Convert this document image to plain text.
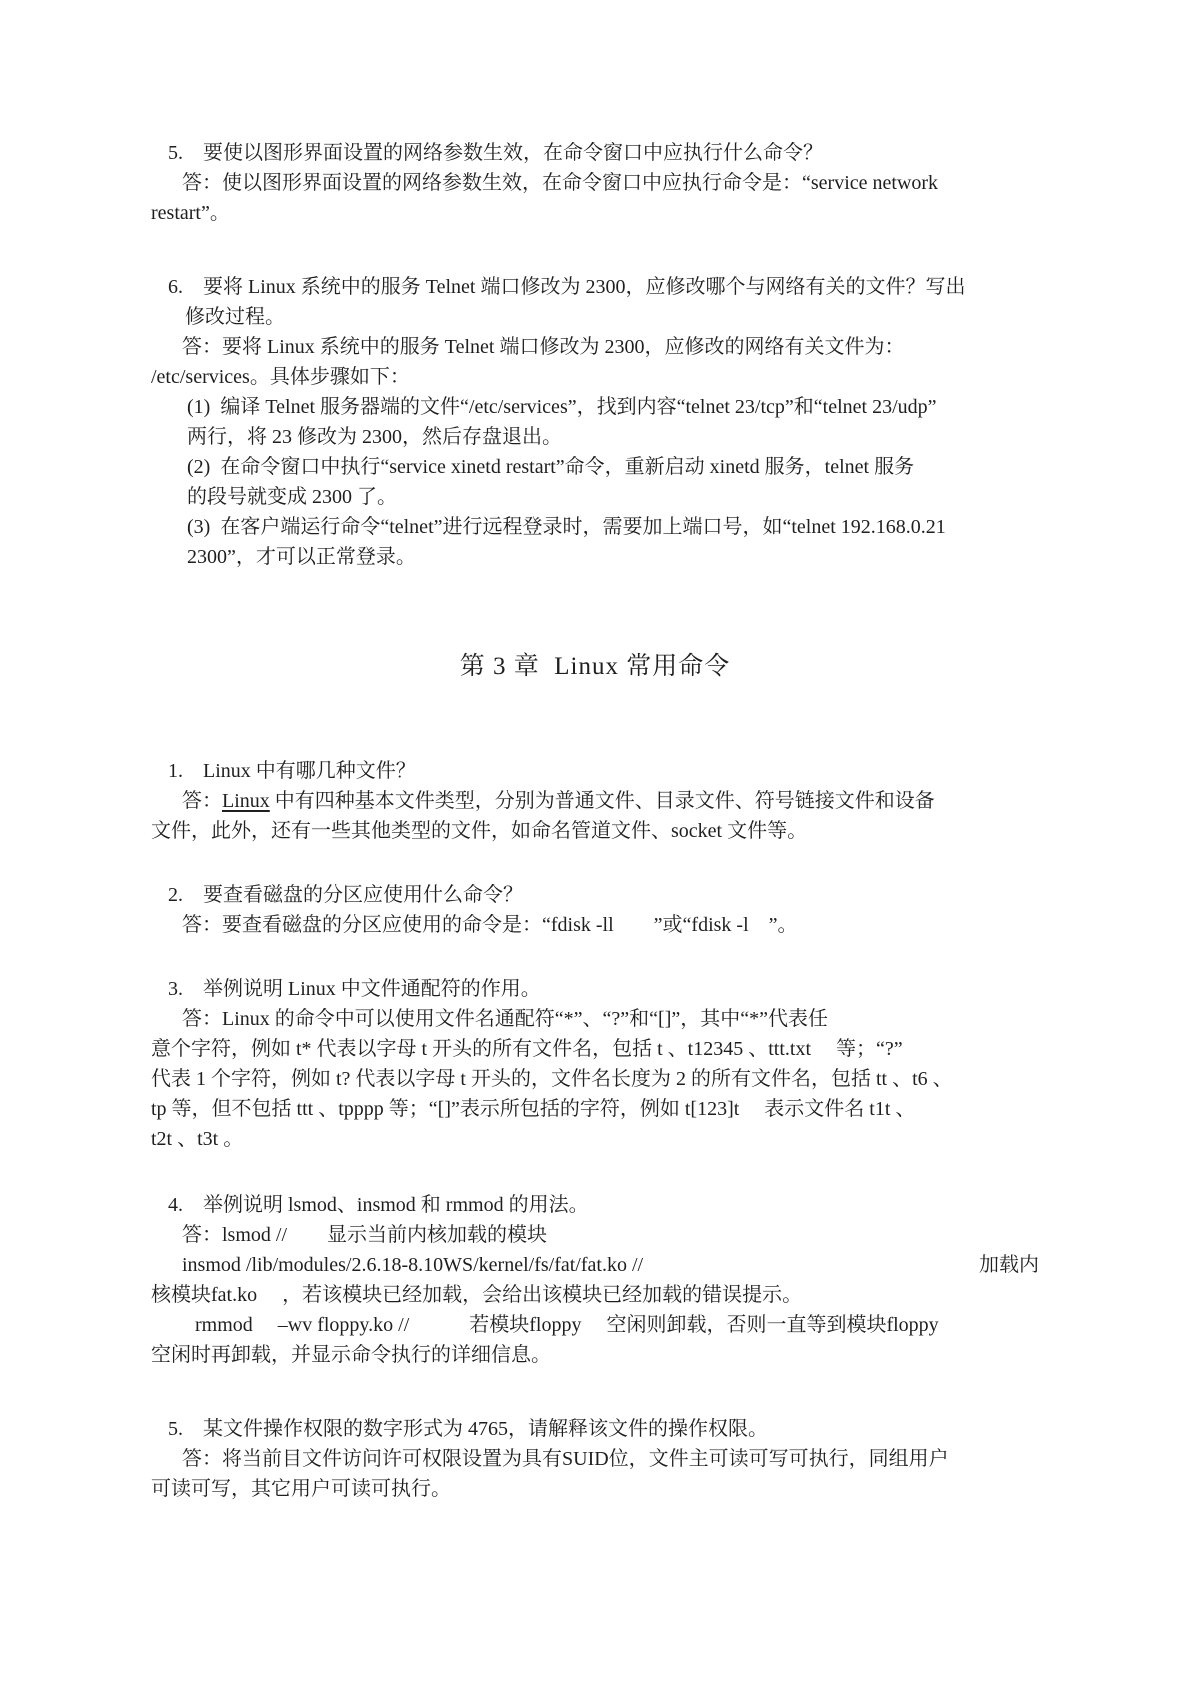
5.　要使以图形界面设置的网络参数生效，在命令窗口中应执行什么命令？
答：使以图形界面设置的网络参数生效，在命令窗口中应执行命令是：“service network
restart”。
6.　要将 Linux 系统中的服务 Telnet 端口修改为 2300，应修改哪个与网络有关的文件？写出
修改过程。
答：要将 Linux 系统中的服务 Telnet 端口修改为 2300，应修改的网络有关文件为：
/etc/services。具体步骤如下：
(1)  编译 Telnet 服务器端的文件“/etc/services”，找到内容“telnet 23/tcp”和“telnet 23/udp”
两行，将 23 修改为 2300，然后存盘退出。
(2)  在命令窗口中执行“service xinetd restart”命令，重新启动 xinetd 服务，telnet 服务
的段号就变成 2300 了。
(3)  在客户端运行命令“telnet”进行远程登录时，需要加上端口号，如“telnet 192.168.0.21
2300”，才可以正常登录。
第 3 章  Linux 常用命令
1.　Linux 中有哪几种文件？
答：Linux 中有四种基本文件类型，分别为普通文件、目录文件、符号链接文件和设备
文件，此外，还有一些其他类型的文件，如命名管道文件、socket 文件等。
2.　要查看磁盘的分区应使用什么命令？
答：要查看磁盘的分区应使用的命令是：“fdisk -ll　　”或“fdisk -l　”。
3.　举例说明 Linux 中文件通配符的作用。
答：Linux 的命令中可以使用文件名通配符“*”、“?”和“[]”，其中“*”代表任
意个字符，例如 t* 代表以字母 t 开头的所有文件名，包括 t 、t12345 、ttt.txt　 等；“?”
代表 1 个字符，例如 t? 代表以字母 t 开头的，文件名长度为 2 的所有文件名，包括 tt 、t6 、
tp 等，但不包括 ttt 、tpppp 等；“[]”表示所包括的字符，例如 t[123]t　 表示文件名 t1t 、
t2t 、t3t 。
4.　举例说明 lsmod、insmod 和 rmmod 的用法。
答：lsmod //　　显示当前内核加载的模块
insmod /lib/modules/2.6.18-8.10WS/kernel/fs/fat/fat.ko //	加载内
核模块fat.ko　 ，若该模块已经加载，会给出该模块已经加载的错误提示。
rmmod　 –wv floppy.ko //　　　若模块floppy　 空闲则卸载，否则一直等到模块floppy
空闲时再卸载，并显示命令执行的详细信息。
5.　某文件操作权限的数字形式为 4765，请解释该文件的操作权限。
答：将当前目文件访问许可权限设置为具有SUID位，文件主可读可写可执行，同组用户
可读可写，其它用户可读可执行。
